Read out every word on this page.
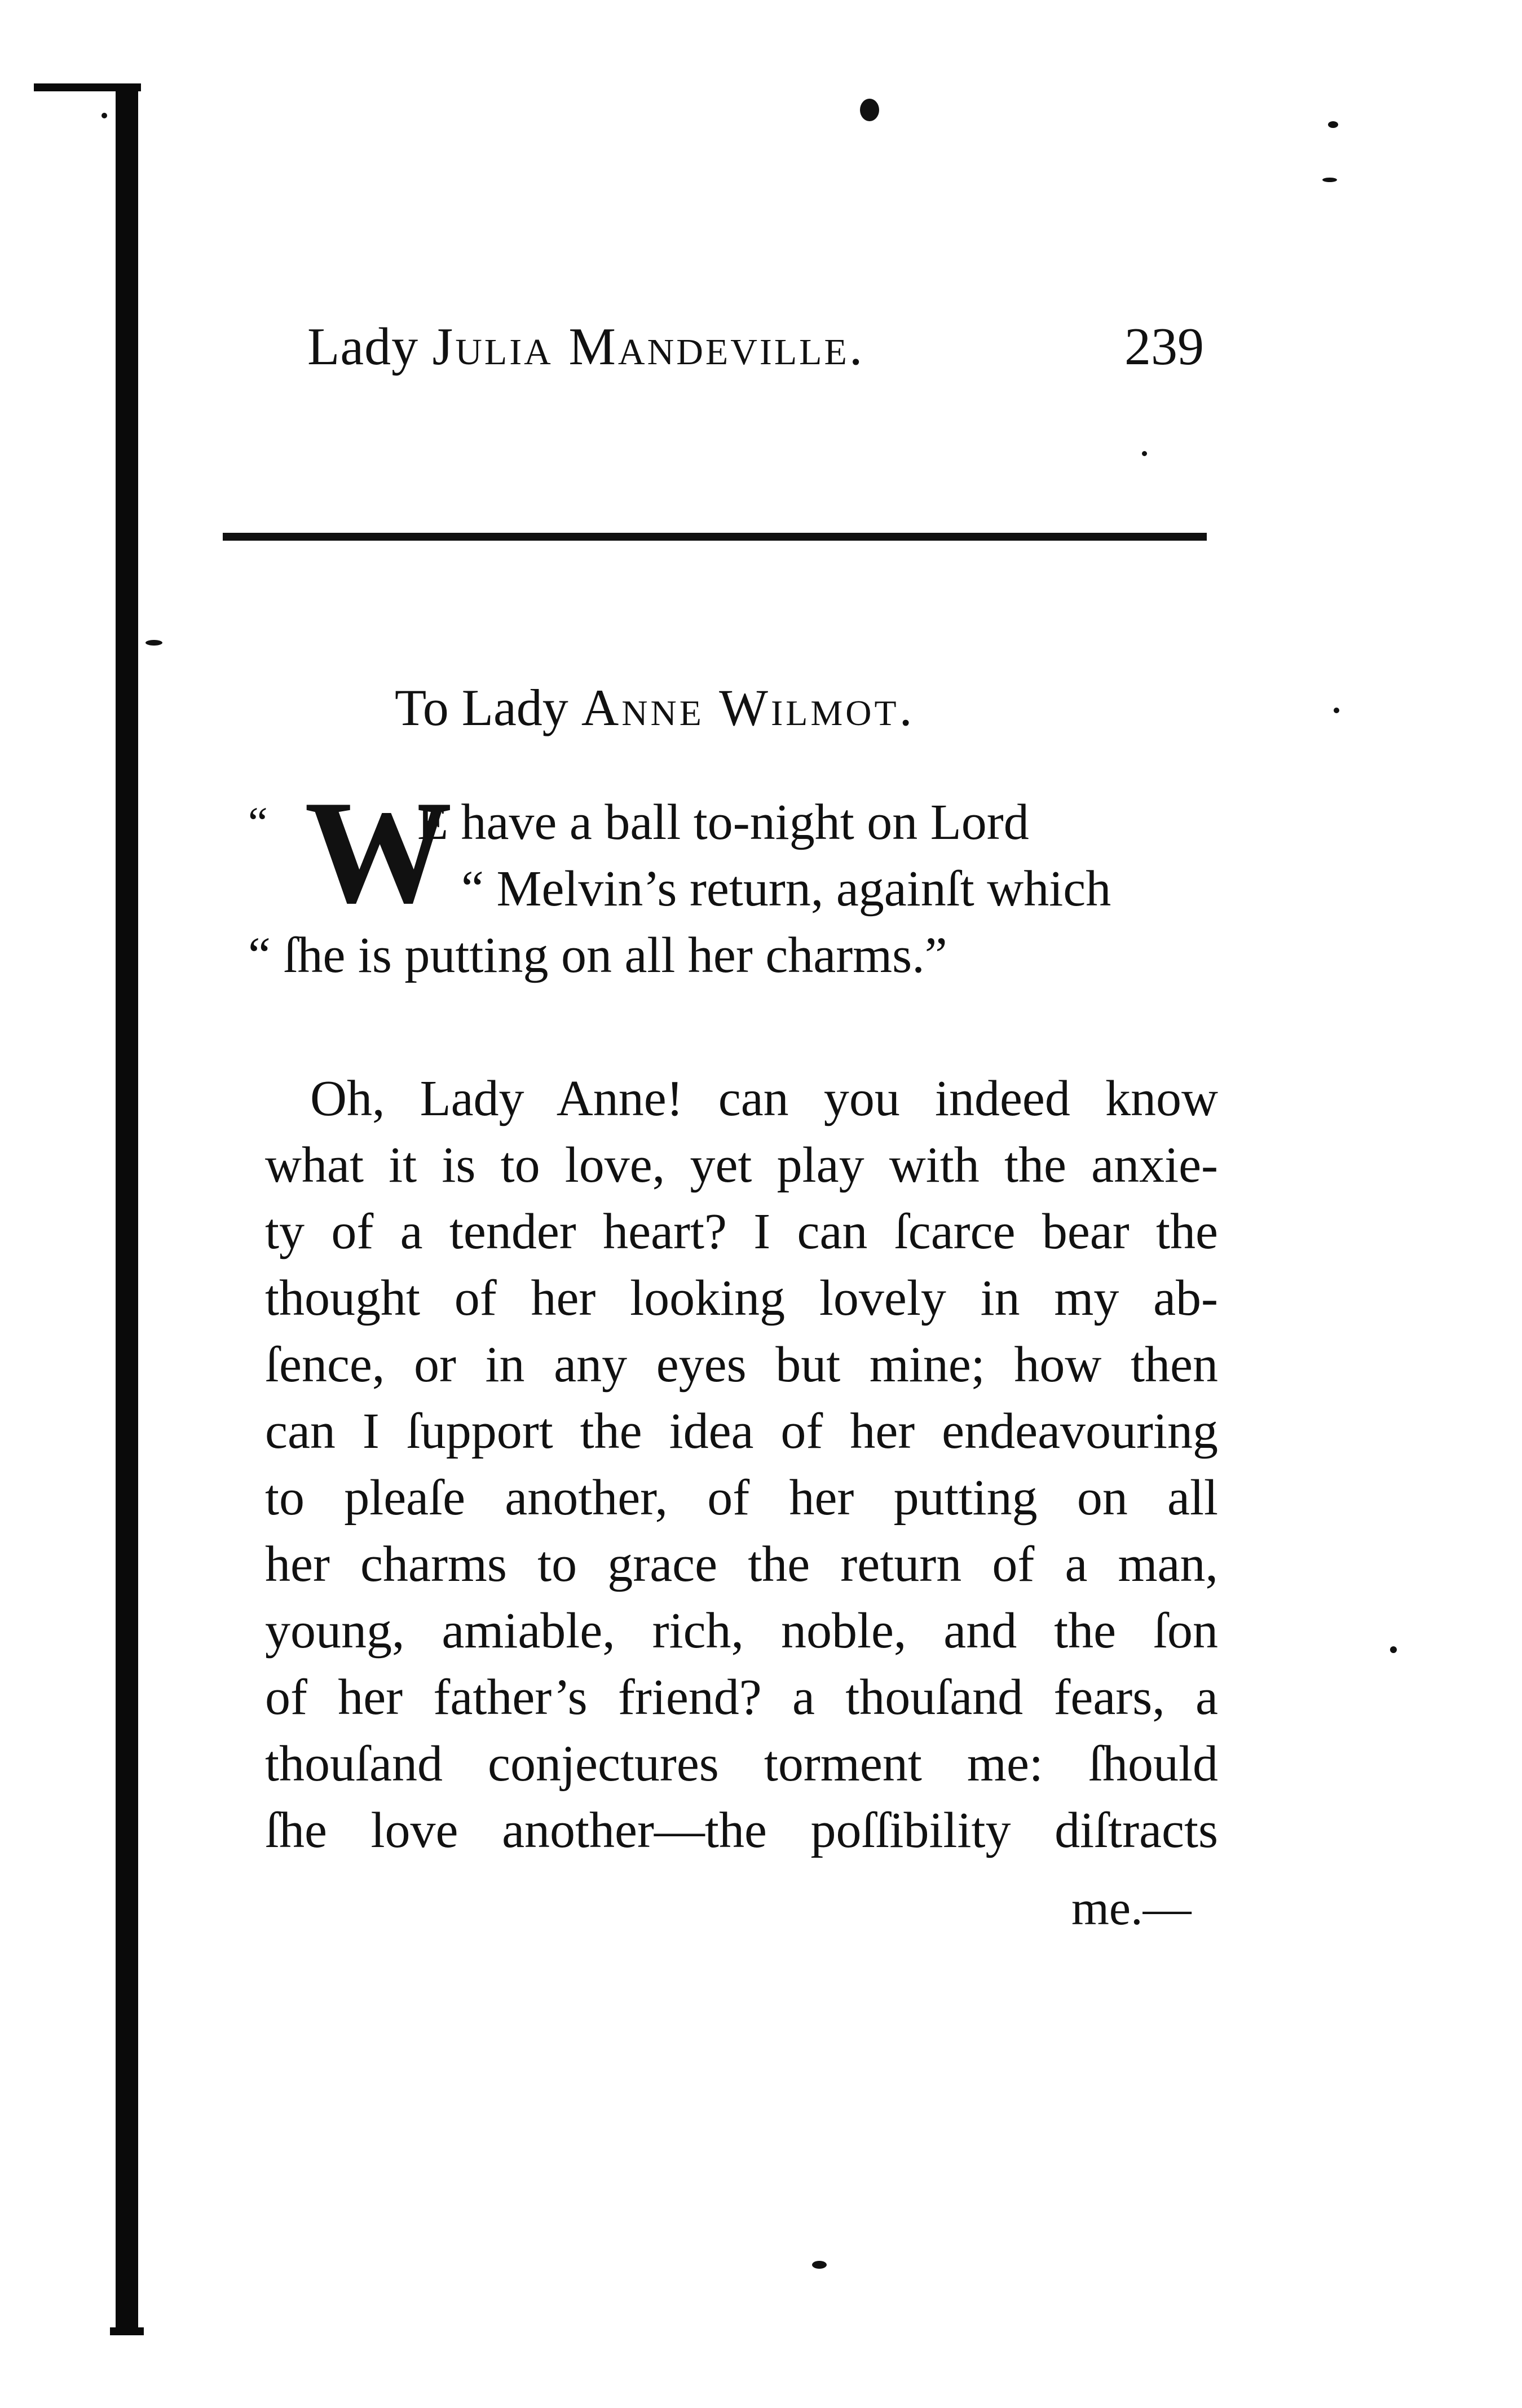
Lady Julia Mandeville.	239
To Lady Anne Wilmot.
“ W
E have a ball to-night on Lord
“ Melvin’s return, againſt which
“ ſhe is putting on all her charms.”
Oh, Lady Anne! can you indeed know
what it is to love, yet play with the anxie-
ty of a tender heart? I can ſcarce bear the
thought of her looking lovely in my ab-
ſence, or in any eyes but mine; how then
can I ſupport the idea of her endeavouring
to pleaſe another, of her putting on all
her charms to grace the return of a man,
young, amiable, rich, noble, and the ſon
of her father’s friend? a thouſand fears, a
thouſand conjectures torment me: ſhould
ſhe love another—the poſſibility diſtracts
me.—
